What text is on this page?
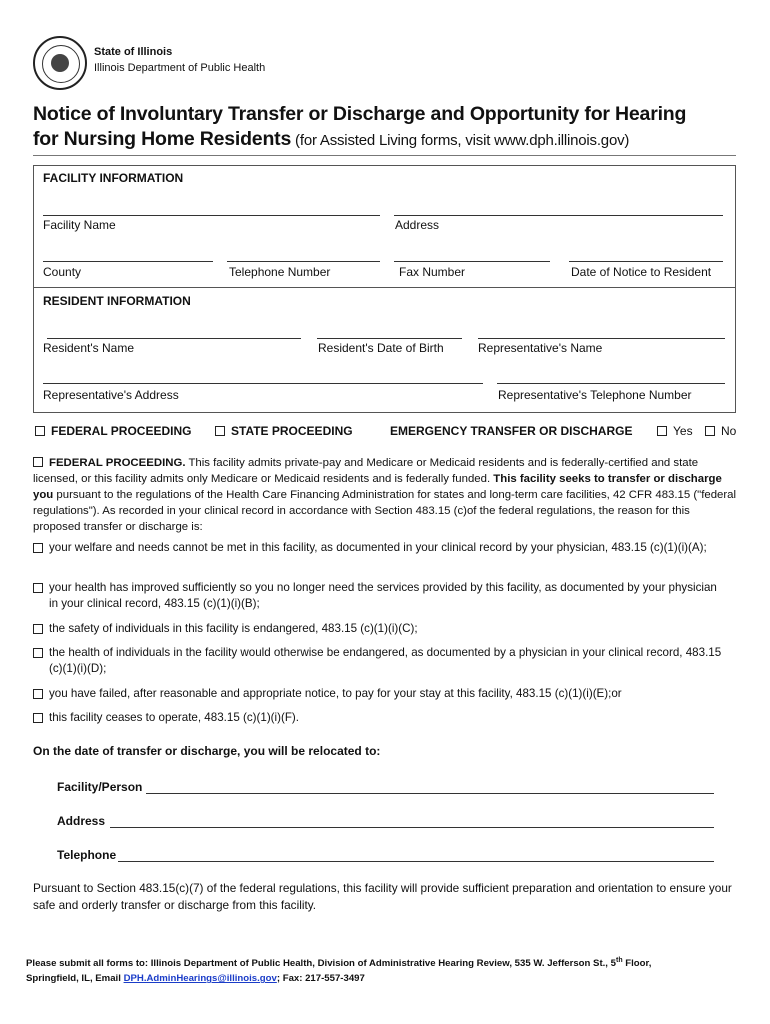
State of Illinois
Illinois Department of Public Health
Notice of Involuntary Transfer or Discharge and Opportunity for Hearing
for Nursing Home Residents (for Assisted Living forms, visit www.dph.illinois.gov)
FACILITY INFORMATION
Facility Name	Address
County	Telephone Number	Fax Number	Date of Notice to Resident
RESIDENT INFORMATION
Resident's Name	Resident's Date of Birth	Representative's Name
Representative's Address	Representative's Telephone Number
FEDERAL PROCEEDING	STATE PROCEEDING	EMERGENCY TRANSFER OR DISCHARGE	Yes	No
FEDERAL PROCEEDING. This facility admits private-pay and Medicare or Medicaid residents and is federally-certified and state licensed, or this facility admits only Medicare or Medicaid residents and is federally funded. This facility seeks to transfer or discharge you pursuant to the regulations of the Health Care Financing Administration for states and long-term care facilities, 42 CFR 483.15 ("federal regulations"). As recorded in your clinical record in accordance with Section 483.15 (c)of the federal regulations, the reason for this proposed transfer or discharge is:
your welfare and needs cannot be met in this facility, as documented in your clinical record by your physician, 483.15 (c)(1)(i)(A);
your health has improved sufficiently so you no longer need the services provided by this facility, as documented by your physician in your clinical record, 483.15 (c)(1)(i)(B);
the safety of individuals in this facility is endangered, 483.15 (c)(1)(i)(C);
the health of individuals in the facility would otherwise be endangered, as documented by a physician in your clinical record, 483.15 (c)(1)(i)(D);
you have failed, after reasonable and appropriate notice, to pay for your stay at this facility, 483.15 (c)(1)(i)(E);or
this facility ceases to operate, 483.15 (c)(1)(i)(F).
On the date of transfer or discharge, you will be relocated to:
Facility/Person
Address
Telephone
Pursuant to Section 483.15(c)(7) of the federal regulations, this facility will provide sufficient preparation and orientation to ensure your safe and orderly transfer or discharge from this facility.
Please submit all forms to: Illinois Department of Public Health, Division of Administrative Hearing Review, 535 W. Jefferson St., 5th Floor,
Springfield, IL, Email DPH.AdminHearings@illinois.gov; Fax: 217-557-3497
